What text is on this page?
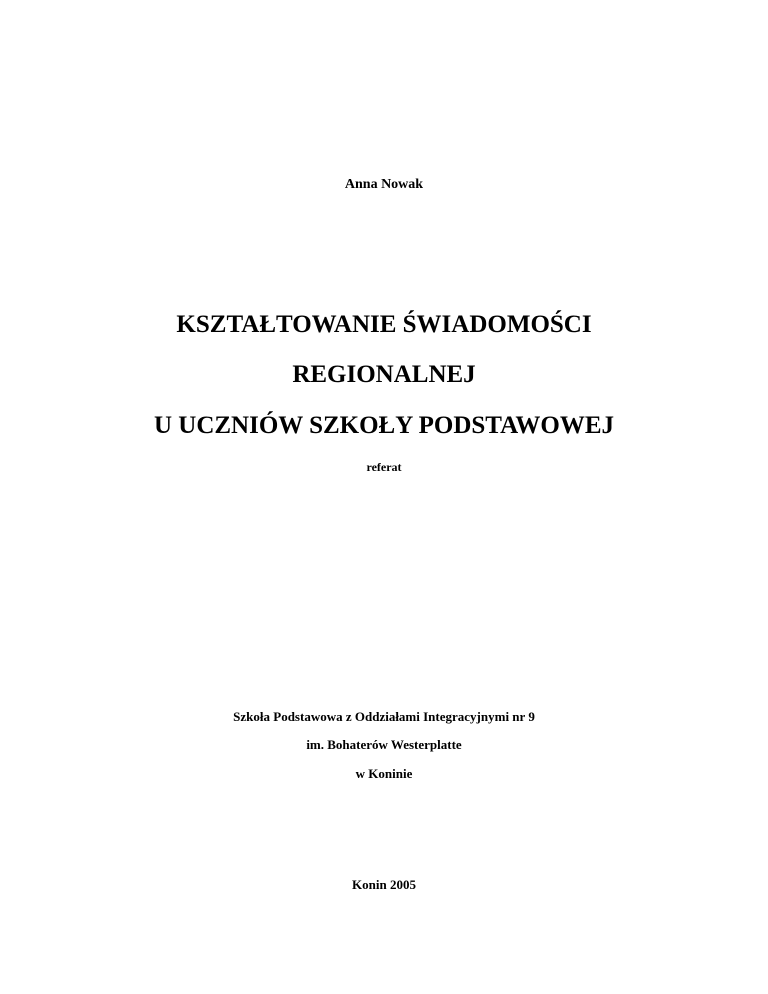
Anna Nowak
KSZTAŁTOWANIE ŚWIADOMOŚCI
REGIONALNEJ
U UCZNIÓW SZKOŁY PODSTAWOWEJ
referat
Szkoła Podstawowa z Oddziałami Integracyjnymi nr 9
im. Bohaterów Westerplatte
w Koninie
Konin 2005
